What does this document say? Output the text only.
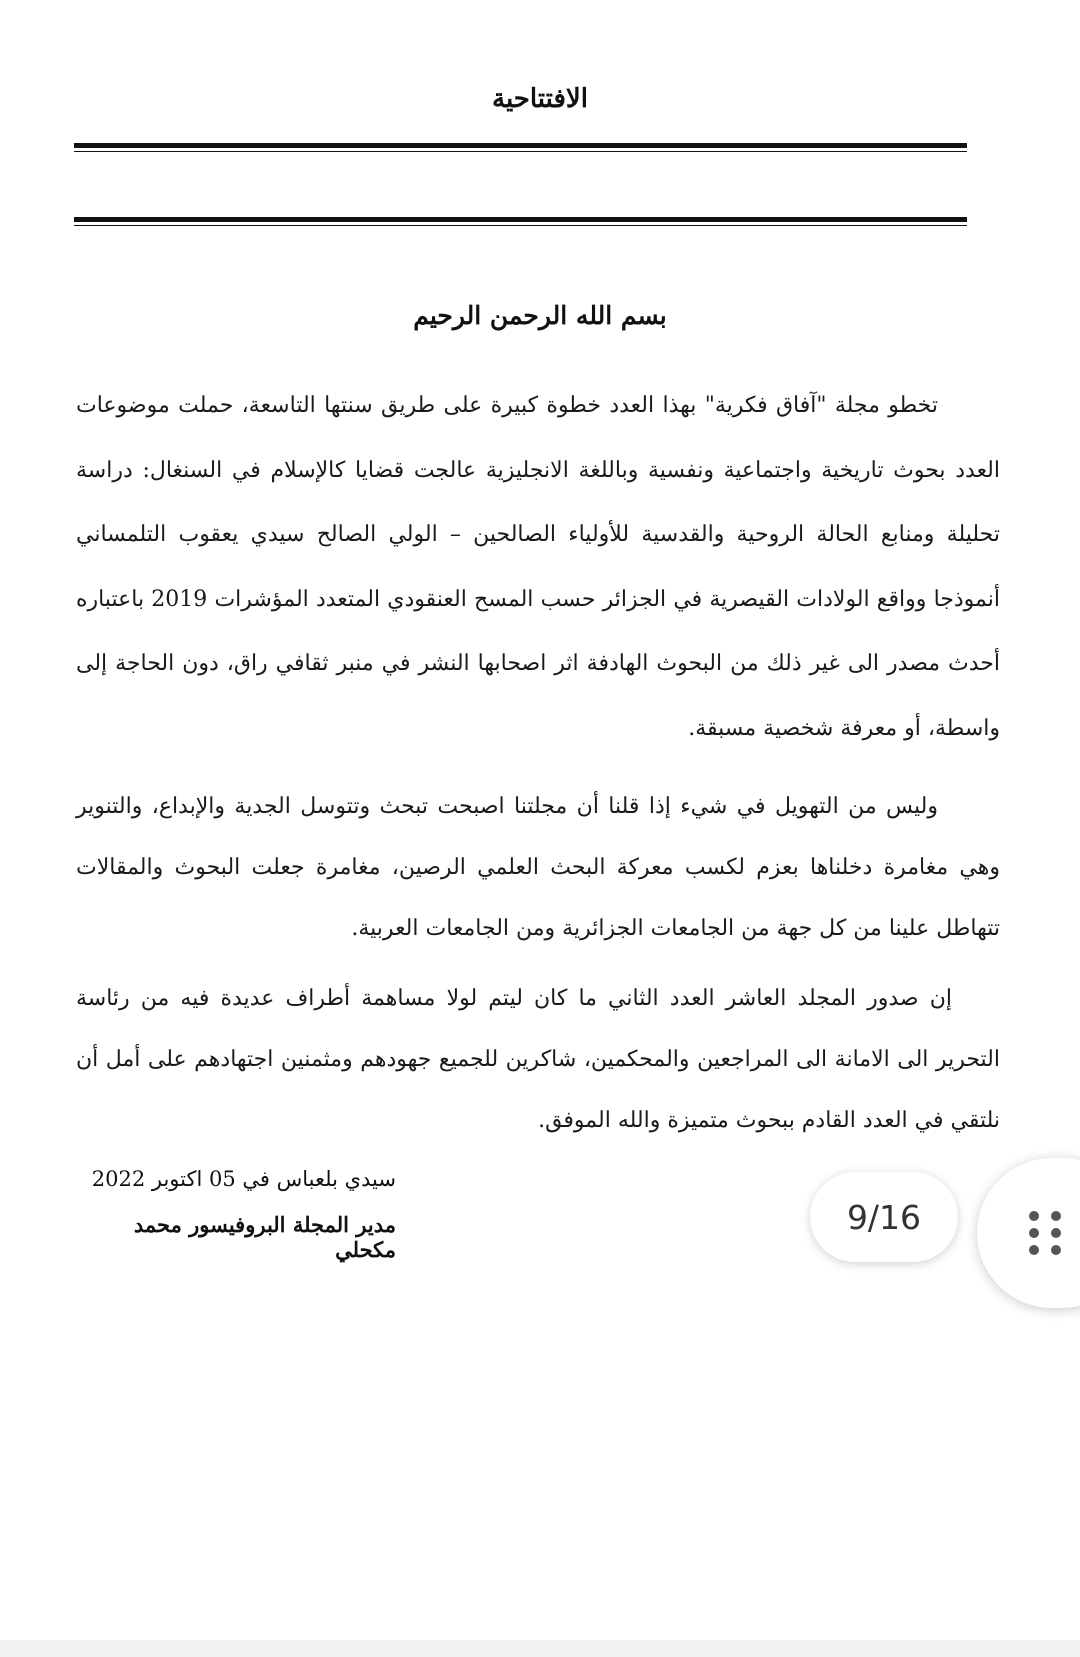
الافتتاحية
بسم الله الرحمن الرحيم
تخطو مجلة "آفاق فكرية" بهذا العدد خطوة كبيرة على طريق سنتها التاسعة، حملت موضوعات العدد بحوث تاريخية واجتماعية ونفسية وباللغة الانجليزية عالجت قضايا كالإسلام في السنغال: دراسة تحليلة ومنابع الحالة الروحية والقدسية للأولياء الصالحين – الولي الصالح سيدي يعقوب التلمساني أنموذجا وواقع الولادات القيصرية في الجزائر حسب المسح العنقودي المتعدد المؤشرات 2019 باعتباره أحدث مصدر الى غير ذلك من البحوث الهادفة اثر اصحابها النشر في منبر ثقافي راق، دون الحاجة إلى واسطة، أو معرفة شخصية مسبقة.
وليس من التهويل في شيء إذا قلنا أن مجلتنا اصبحت تبحث وتتوسل الجدية والإبداع، والتنوير وهي مغامرة دخلناها بعزم لكسب معركة البحث العلمي الرصين، مغامرة جعلت البحوث والمقالات تتهاطل علينا من كل جهة من الجامعات الجزائرية ومن الجامعات العربية.
إن صدور المجلد العاشر العدد الثاني ما كان ليتم لولا مساهمة أطراف عديدة فيه من رئاسة التحرير الى الامانة الى المراجعين والمحكمين، شاكرين للجميع جهودهم ومثمنين اجتهادهم على أمل أن نلتقي في العدد القادم ببحوث متميزة والله الموفق.
سيدي بلعباس في 05 اكتوبر 2022
مدير المجلة البروفيسور محمد مكحلي
9/16
